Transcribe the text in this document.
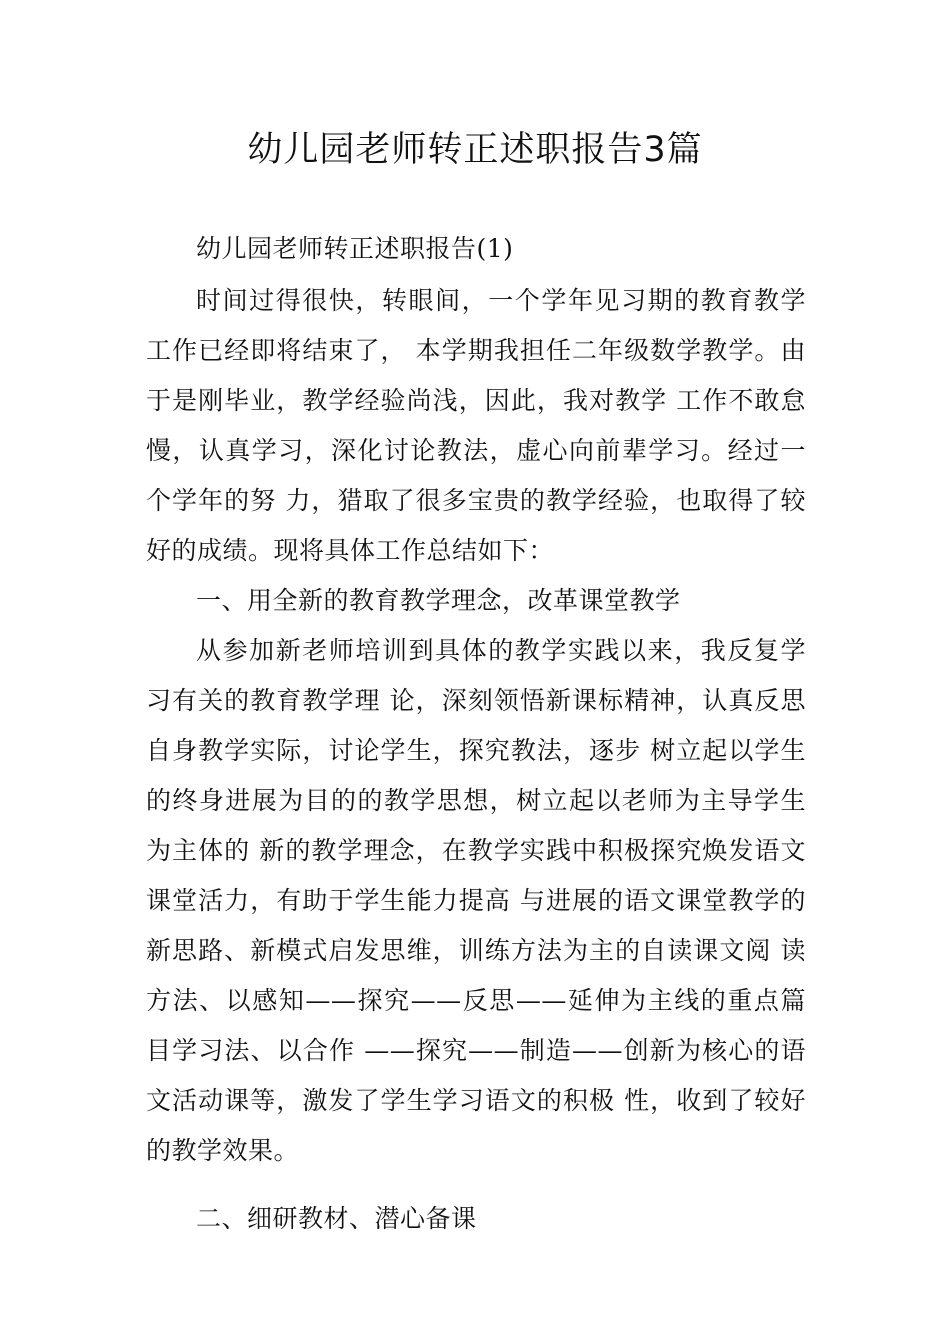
幼儿园老师转正述职报告3篇

幼儿园老师转正述职报告(1)

时间过得很快，转眼间，一个学年见习期的教育教学工作已经即将结束了， 本学期我担任二年级数学教学。由于是刚毕业，教学经验尚浅，因此，我对教学 工作不敢怠慢，认真学习，深化讨论教法，虚心向前辈学习。经过一个学年的努 力，猎取了很多宝贵的教学经验，也取得了较好的成绩。现将具体工作总结如下：

一、用全新的教育教学理念，改革课堂教学

从参加新老师培训到具体的教学实践以来，我反复学习有关的教育教学理 论，深刻领悟新课标精神，认真反思自身教学实际，讨论学生，探究教法，逐步 树立起以学生的终身进展为目的的教学思想，树立起以老师为主导学生为主体的 新的教学理念，在教学实践中积极探究焕发语文课堂活力，有助于学生能力提高 与进展的语文课堂教学的新思路、新模式启发思维，训练方法为主的自读课文阅 读方法、以感知——探究——反思——延伸为主线的重点篇目学习法、以合作 ——探究——制造——创新为核心的语文活动课等，激发了学生学习语文的积极 性，收到了较好的教学效果。

二、细研教材、潜心备课
